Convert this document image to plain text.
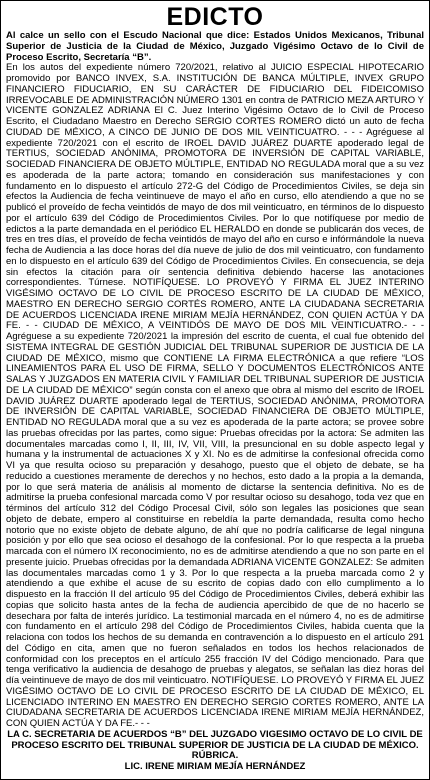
EDICTO
Al calce un sello con el Escudo Nacional que dice: Estados Unidos Mexicanos, Tribunal Superior de Justicia de la Ciudad de México, Juzgado Vigésimo Octavo de lo Civil de Proceso Escrito, Secretaría “B”.
En los autos del expediente número 720/2021, relativo al JUICIO ESPECIAL HIPOTECARIO promovido por BANCO INVEX, S.A. INSTITUCIÓN DE BANCA MÚLTIPLE, INVEX GRUPO FINANCIERO FIDUCIARIO, EN SU CARÁCTER DE FIDUCIARIO DEL FIDEICOMISO IRREVOCABLE DE ADMINISTRACIÓN NÚMERO 1301 en contra de PATRICIO MEZA ARTURO Y VICENTE GONZALEZ ADRIANA El C. Juez Interino Vigésimo Octavo de lo Civil de Proceso Escrito, el Ciudadano Maestro en Derecho SERGIO CORTES ROMERO dictó un auto de fecha CIUDAD DE MÉXICO, A CINCO DE JUNIO DE DOS MIL VEINTICUATRO. - - - Agréguese al expediente 720/2021 con el escrito de IROEL DAVID JUÁREZ DUARTE apoderado legal de TERTIUS, SOCIEDAD ANÓNIMA, PROMOTORA DE INVERSIÓN DE CAPITAL VARIABLE, SOCIEDAD FINANCIERA DE OBJETO MÚLTIPLE, ENTIDAD NO REGULADA moral que a su vez es apoderada de la parte actora; tomando en consideración sus manifestaciones y con fundamento en lo dispuesto el artículo 272-G del Código de Procedimientos Civiles, se deja sin efectos la Audiencia de fecha veintinueve de mayo el año en curso, ello atendiendo a que no se publicó el proveído de fecha veintidós de mayo de dos mil veinticuatro, en términos de lo dispuesto por el artículo 639 del Código de Procedimientos Civiles. Por lo que notifíquese por medio de edictos a la parte demandada en el periódico EL HERALDO en donde se publicarán dos veces, de tres en tres días, el proveído de fecha veintidós de mayo del año en curso e infórmándole la nueva fecha de Audiencia a las doce horas del día nueve de julio de dos mil veinticuatro, con fundamento en lo dispuesto en el artículo 639 del Código de Procedimientos Civiles. En consecuencia, se deja sin efectos la citación para oír sentencia definitiva debiendo hacerse las anotaciones correspondientes. Túrnese. NOTIFÍQUESE. LO PROVEYÓ Y FIRMA EL JUEZ INTERINO VIGÉSIMO OCTAVO DE LO CIVIL DE PROCESO ESCRITO DE LA CIUDAD DE MÉXICO, MAESTRO EN DERECHO SERGIO CORTÉS ROMERO, ANTE LA CIUDADANA SECRETARIA DE ACUERDOS LICENCIADA IRENE MIRIAM MEJÍA HERNÁNDEZ, CON QUIEN ACTÚA Y DA FE. - - CIUDAD DE MÉXICO, A VEINTIDÓS DE MAYO DE DOS MIL VEINTICUATRO.- - - Agréguese a su expediente 720/2021 la impresión del escrito de cuenta, el cual fue obtenido del SISTEMA INTEGRAL DE GESTIÓN JUDICIAL DEL TRIBUNAL SUPERIOR DE JUSTICIA DE LA CIUDAD DE MÉXICO, mismo que CONTIENE LA FIRMA ELECTRÓNICA a que refiere “LOS LINEAMIENTOS PARA EL USO DE FIRMA, SELLO Y DOCUMENTOS ELECTRÓNICOS ANTE SALAS Y JUZGADOS EN MATERIA CIVIL Y FAMILIAR DEL TRIBUNAL SUPERIOR DE JUSTICIA DE LA CIUDAD DE MÉXICO” según consta con el anexo que obra al mismo del escrito de IROEL DAVID JUÁREZ DUARTE apoderado legal de TERTIUS, SOCIEDAD ANÓNIMA, PROMOTORA DE INVERSIÓN DE CAPITAL VARIABLE, SOCIEDAD FINANCIERA DE OBJETO MÚLTIPLE, ENTIDAD NO REGULADA moral que a su vez es apoderada de la parte actora; se provee sobre las pruebas ofrecidas por las partes, como sigue: Pruebas ofrecidas por la actora: Se admiten las documentales marcadas como I, II, III, IV, VII, VIII, la presuncional en su doble aspecto legal y humana y la instrumental de actuaciones X y XI. No es de admitirse la confesional ofrecida como VI ya que resulta ocioso su preparación y desahogo, puesto que el objeto de debate, se ha reducido a cuestiones meramente de derechos y no hechos, esto dado a la propia a la demanda, por lo que será materia de análisis al momento de dictarse la sentencia definitiva. No es de admitirse la prueba confesional marcada como V por resultar ocioso su desahogo, toda vez que en términos del artículo 312 del Código Procesal Civil, sólo son legales las posiciones que sean objeto de debate, empero al constituirse en rebeldía la parte demandada, resulta como hecho notorio que no existe objeto de debate alguno, de ahí que no podría calificarse de legal ninguna posición y por ello que sea ocioso el desahogo de la confesional. Por lo que respecta a la prueba marcada con el número IX reconocimiento, no es de admitirse atendiendo a que no son parte en el presente juicio. Pruebas ofrecidas por la demandada ADRIANA VICENTE GONZALEZ: Se admiten las documentales marcadas como 1 y 3. Por lo que respecta a la prueba marcada como 2 y atendiendo a que exhibe el acuse de su escrito de copias dado con ello cumplimento a lo dispuesto en la fracción II del artículo 95 del Código de Procedimientos Civiles, deberá exhibir las copias que solicito hasta antes de la fecha de audiencia apercibido de que de no hacerlo se desechara por falta de interés jurídico. La testimonial marcada en el número 4, no es de admitirse con fundamento en el artículo 298 del Código de Procedimientos Civiles, habida cuenta que la relaciona con todos los hechos de su demanda en contravención a lo dispuesto en el artículo 291 del Código en cita, amen que no fueron señalados en todos los hechos relacionados de conformidad con los preceptos en el artículo 255 fracción IV del Código mencionado. Para que tenga verificativo la audiencia de desahogo de pruebas y alegatos, se señalan las diez horas del día veintinueve de mayo de dos mil veinticuatro. NOTIFÍQUESE. LO PROVEYÓ Y FIRMA EL JUEZ VIGÉSIMO OCTAVO DE LO CIVIL DE PROCESO ESCRITO DE LA CIUDAD DE MÉXICO, EL LICENCIADO INTERINO EN MAESTRO EN DERECHO SERGIO CORTES ROMERO, ANTE LA CIUDADANA SECRETARIA DE ACUERDOS LICENCIADA IRENE MIRIAM MEJÍA HERNÁNDEZ, CON QUIEN ACTÚA Y DA FE.- - -
LA C. SECRETARIA DE ACUERDOS “B” DEL JUZGADO VIGESIMO OCTAVO DE LO CIVIL DE PROCESO ESCRITO DEL TRIBUNAL SUPERIOR DE JUSTICIA DE LA CIUDAD DE MÉXICO. RÚBRICA.
LIC. IRENE MIRIAM MEJÍA HERNÁNDEZ
